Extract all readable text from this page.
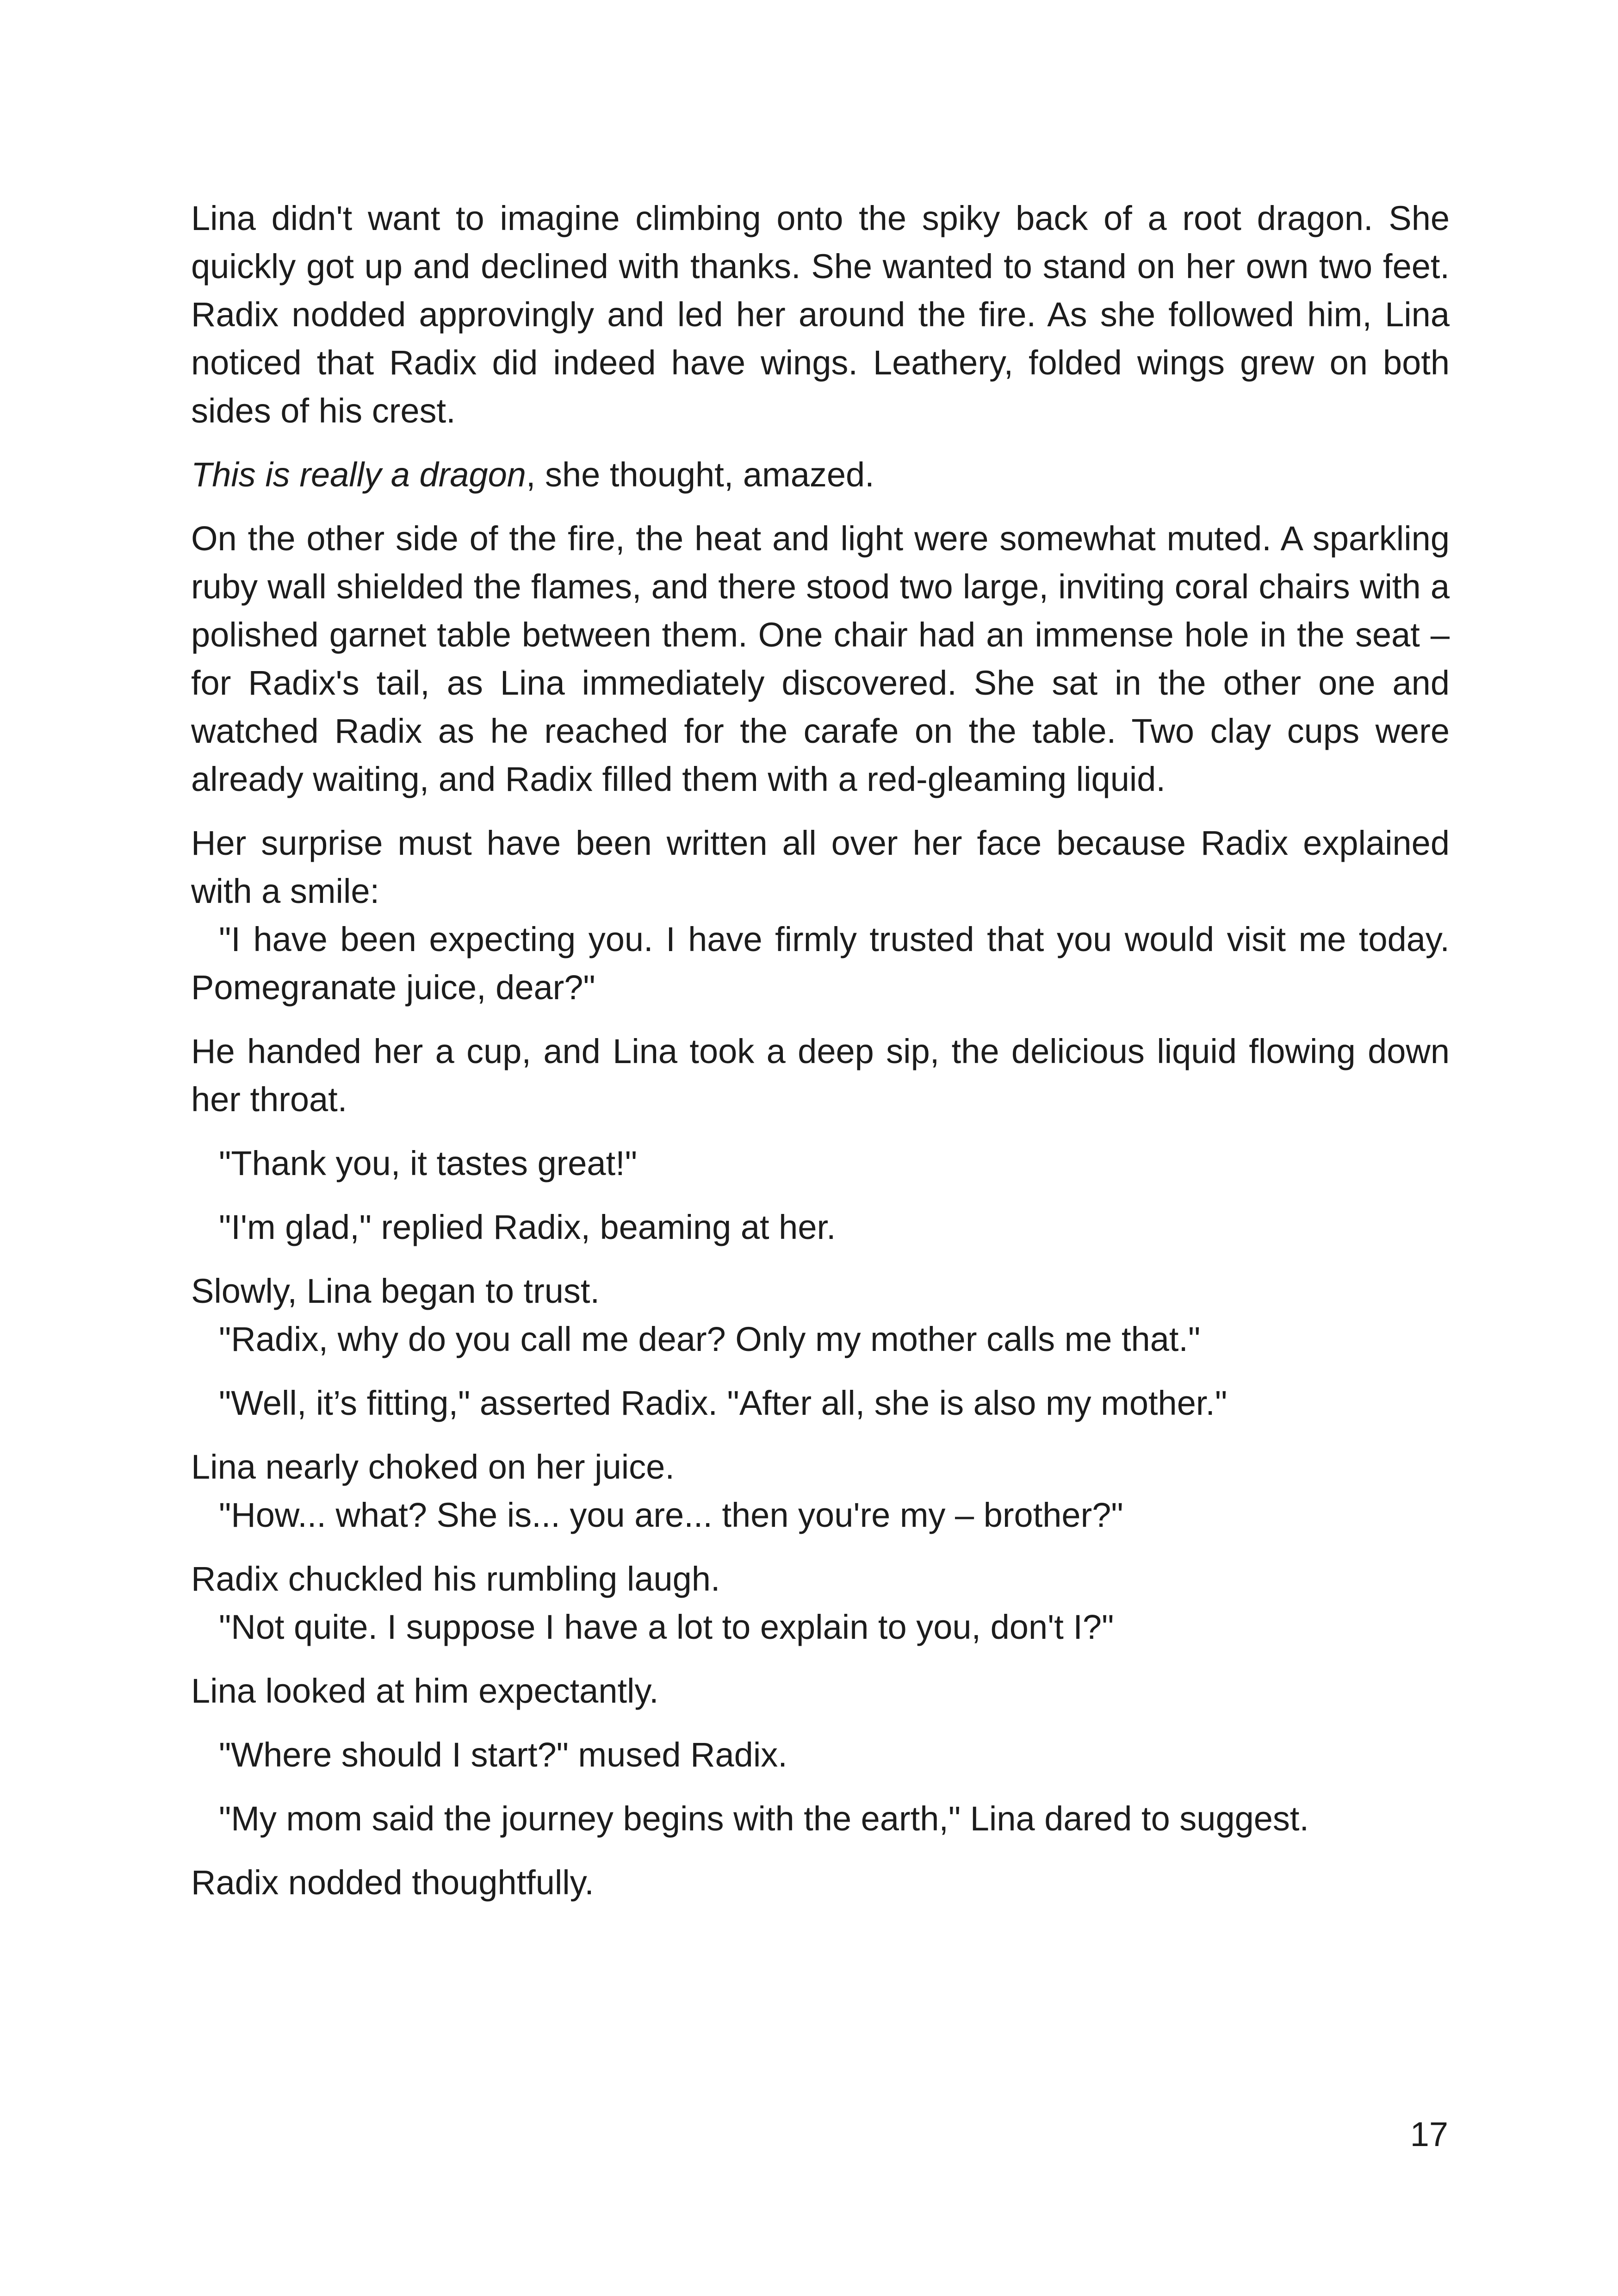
Lina didn't want to imagine climbing onto the spiky back of a root dragon. She quickly got up and declined with thanks. She wanted to stand on her own two feet. Radix nodded approvingly and led her around the fire. As she followed him, Lina noticed that Radix did indeed have wings. Leathery, folded wings grew on both sides of his crest.

This is really a dragon, she thought, amazed.

On the other side of the fire, the heat and light were somewhat muted. A sparkling ruby wall shielded the flames, and there stood two large, inviting coral chairs with a polished garnet table between them. One chair had an immense hole in the seat – for Radix's tail, as Lina immediately discovered. She sat in the other one and watched Radix as he reached for the carafe on the table. Two clay cups were already waiting, and Radix filled them with a red-gleaming liquid.

Her surprise must have been written all over her face because Radix explained with a smile:

"I have been expecting you. I have firmly trusted that you would visit me today. Pomegranate juice, dear?"

He handed her a cup, and Lina took a deep sip, the delicious liquid flowing down her throat.

"Thank you, it tastes great!"

"I'm glad," replied Radix, beaming at her.

Slowly, Lina began to trust.

"Radix, why do you call me dear? Only my mother calls me that."

"Well, it’s fitting," asserted Radix. "After all, she is also my mother."

Lina nearly choked on her juice.

"How... what? She is... you are... then you're my – brother?"

Radix chuckled his rumbling laugh.

"Not quite. I suppose I have a lot to explain to you, don't I?"

Lina looked at him expectantly.

"Where should I start?" mused Radix.

"My mom said the journey begins with the earth," Lina dared to suggest.

Radix nodded thoughtfully.

17
